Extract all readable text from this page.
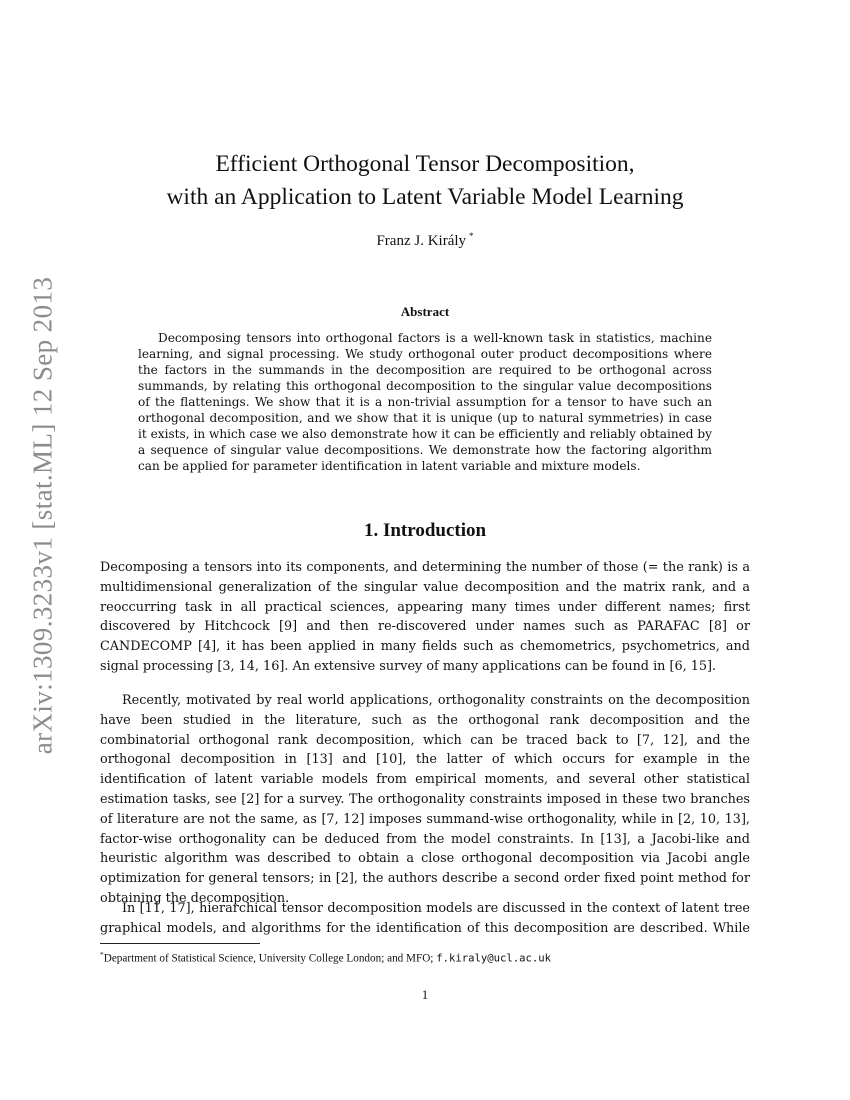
arXiv:1309.3233v1 [stat.ML] 12 Sep 2013
Efficient Orthogonal Tensor Decomposition,
with an Application to Latent Variable Model Learning
Franz J. Király *
Abstract

Decomposing tensors into orthogonal factors is a well-known task in statistics, machine learning, and signal processing. We study orthogonal outer product decompositions where the factors in the summands in the decomposition are required to be orthogonal across summands, by relating this orthogonal decomposition to the singular value decompositions of the flattenings. We show that it is a non-trivial assumption for a tensor to have such an orthogonal decomposition, and we show that it is unique (up to natural symmetries) in case it exists, in which case we also demonstrate how it can be efficiently and reliably obtained by a sequence of singular value decompositions. We demonstrate how the factoring algorithm can be applied for parameter identification in latent variable and mixture models.

1. Introduction

Decomposing a tensors into its components, and determining the number of those (= the rank) is a multidimensional generalization of the singular value decomposition and the matrix rank, and a reoccurring task in all practical sciences, appearing many times under different names; first discovered by Hitchcock [9] and then re-discovered under names such as PARAFAC [8] or CANDECOMP [4], it has been applied in many fields such as chemometrics, psychometrics, and signal processing [3, 14, 16]. An extensive survey of many applications can be found in [6, 15].

Recently, motivated by real world applications, orthogonality constraints on the decomposition have been studied in the literature, such as the orthogonal rank decomposition and the combinatorial orthogonal rank decomposition, which can be traced back to [7, 12], and the orthogonal decomposition in [13] and [10], the latter of which occurs for example in the identification of latent variable models from empirical moments, and several other statistical estimation tasks, see [2] for a survey. The orthogonality constraints imposed in these two branches of literature are not the same, as [7, 12] imposes summand-wise orthogonality, while in [2, 10, 13], factor-wise orthogonality can be deduced from the model constraints. In [13], a Jacobi-like and heuristic algorithm was described to obtain a close orthogonal decomposition via Jacobi angle optimization for general tensors; in [2], the authors describe a second order fixed point method for obtaining the decomposition.

In [11, 17], hierarchical tensor decomposition models are discussed in the context of latent tree graphical models, and algorithms for the identification of this decomposition are described. While

*Department of Statistical Science, University College London; and MFO; f.kiraly@ucl.ac.uk
1
